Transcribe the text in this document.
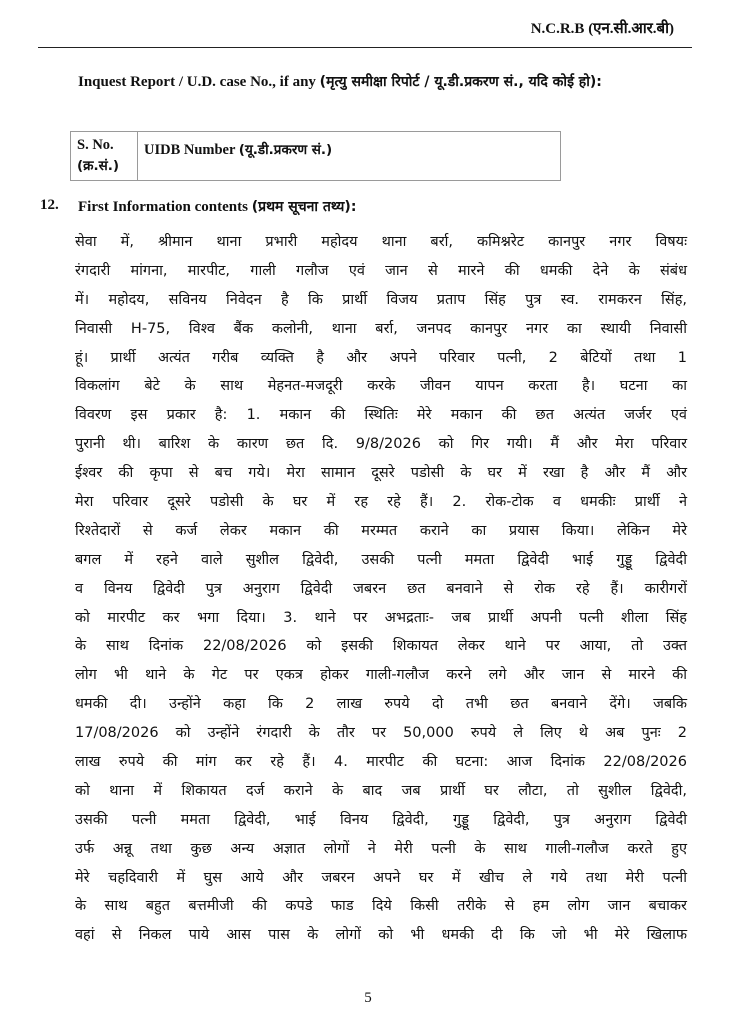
N.C.R.B (एन.सी.आर.बी)
Inquest Report / U.D. case No., if any (मृत्यु समीक्षा रिपोर्ट / यू.डी.प्रकरण सं., यदि कोई हो):
S. No.
(क्र.सं.)
	UIDB Number (यू.डी.प्रकरण सं.)
12. First Information contents (प्रथम सूचना तथ्य):
सेवा में, श्रीमान थाना प्रभारी महोदय थाना बर्रा, कमिश्नरेट कानपुर नगर विषयः
रंगदारी मांगना, मारपीट, गाली गलौज एवं जान से मारने की धमकी देने के संबंध
में। महोदय, सविनय निवेदन है कि प्रार्थी विजय प्रताप सिंह पुत्र स्व. रामकरन सिंह,
निवासी H-75, विश्व बैंक कलोनी, थाना बर्रा, जनपद कानपुर नगर का स्थायी निवासी
हूं। प्रार्थी अत्यंत गरीब व्यक्ति है और अपने परिवार पत्नी, 2 बेटियों तथा 1
विकलांग बेटे के साथ मेहनत-मजदूरी करके जीवन यापन करता है। घटना का
विवरण इस प्रकार है: 1. मकान की स्थितिः मेरे मकान की छत अत्यंत जर्जर एवं
पुरानी थी। बारिश के कारण छत दि. 9/8/2026 को गिर गयी। मैं और मेरा परिवार
ईश्वर की कृपा से बच गये। मेरा सामान दूसरे पडोसी के घर में रखा है और मैं और
मेरा परिवार दूसरे पडोसी के घर में रह रहे हैं। 2. रोक-टोक व धमकीः प्रार्थी ने
रिश्तेदारों से कर्ज लेकर मकान की मरम्मत कराने का प्रयास किया। लेकिन मेरे
बगल में रहने वाले सुशील द्विवेदी, उसकी पत्नी ममता द्विवेदी भाई गुड्डू द्विवेदी
व विनय द्विवेदी पुत्र अनुराग द्विवेदी जबरन छत बनवाने से रोक रहे हैं। कारीगरों
को मारपीट कर भगा दिया। 3. थाने पर अभद्रताः- जब प्रार्थी अपनी पत्नी शीला सिंह
के साथ दिनांक 22/08/2026 को इसकी शिकायत लेकर थाने पर आया, तो उक्त
लोग भी थाने के गेट पर एकत्र होकर गाली-गलौज करने लगे और जान से मारने की
धमकी दी। उन्होंने कहा कि 2 लाख रुपये दो तभी छत बनवाने देंगे। जबकि
17/08/2026 को उन्होंने रंगदारी के तौर पर 50,000 रुपये ले लिए थे अब पुनः 2
लाख रुपये की मांग कर रहे हैं। 4. मारपीट की घटना: आज दिनांक 22/08/2026
को थाना में शिकायत दर्ज कराने के बाद जब प्रार्थी घर लौटा, तो सुशील द्विवेदी,
उसकी पत्नी ममता द्विवेदी, भाई विनय द्विवेदी, गुड्डू द्विवेदी, पुत्र अनुराग द्विवेदी
उर्फ अन्नू तथा कुछ अन्य अज्ञात लोगों ने मेरी पत्नी के साथ गाली-गलौज करते हुए
मेरे चहदिवारी में घुस आये और जबरन अपने घर में खीच ले गये तथा मेरी पत्नी
के साथ बहुत बत्तमीजी की कपडे फाड दिये किसी तरीके से हम लोग जान बचाकर
वहां से निकल पाये आस पास के लोगों को भी धमकी दी कि जो भी मेरे खिलाफ
5
